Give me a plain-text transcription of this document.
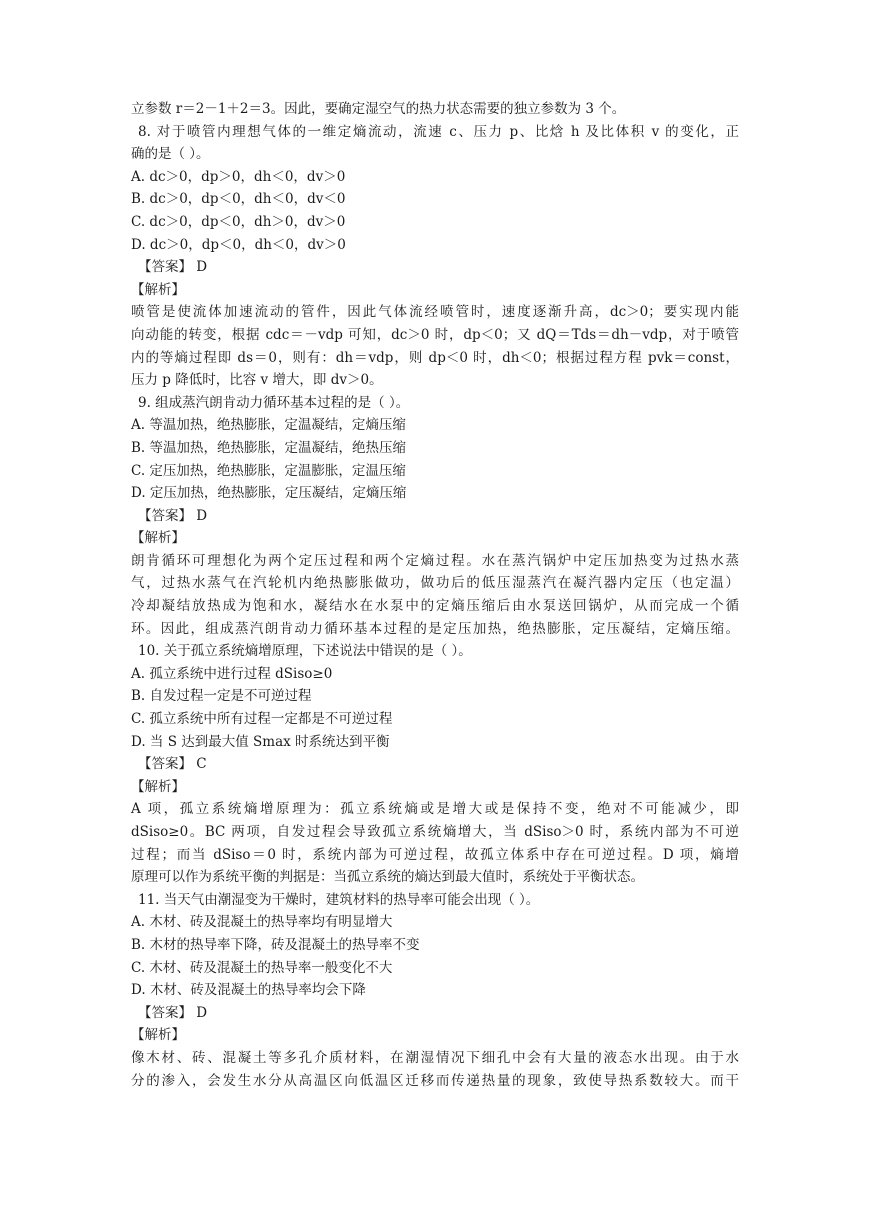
立参数 r＝2－1＋2＝3。因此，要确定湿空气的热力状态需要的独立参数为 3 个。
8. 对于喷管内理想气体的一维定熵流动，流速 c、压力 p、比焓 h 及比体积 v 的变化，正
确的是（ ）。
A. dc＞0，dp＞0，dh＜0，dv＞0
B. dc＞0，dp＜0，dh＜0，dv＜0
C. dc＞0，dp＜0，dh＞0，dv＞0
D. dc＞0，dp＜0，dh＜0，dv＞0
【答案】 D
【解析】
喷管是使流体加速流动的管件，因此气体流经喷管时，速度逐渐升高，dc＞0；要实现内能
向动能的转变，根据 cdc＝－vdp 可知，dc＞0 时，dp＜0；又 dQ＝Tds＝dh－vdp，对于喷管
内的等熵过程即 ds＝0，则有：dh＝vdp，则 dp＜0 时，dh＜0；根据过程方程 pvk＝const，
压力 p 降低时，比容 v 增大，即 dv＞0。
9. 组成蒸汽朗肯动力循环基本过程的是（ ）。
A. 等温加热，绝热膨胀，定温凝结，定熵压缩
B. 等温加热，绝热膨胀，定温凝结，绝热压缩
C. 定压加热，绝热膨胀，定温膨胀，定温压缩
D. 定压加热，绝热膨胀，定压凝结，定熵压缩
【答案】 D
【解析】
朗肯循环可理想化为两个定压过程和两个定熵过程。水在蒸汽锅炉中定压加热变为过热水蒸
气，过热水蒸气在汽轮机内绝热膨胀做功，做功后的低压湿蒸汽在凝汽器内定压（也定温）
冷却凝结放热成为饱和水，凝结水在水泵中的定熵压缩后由水泵送回锅炉，从而完成一个循
环。因此，组成蒸汽朗肯动力循环基本过程的是定压加热，绝热膨胀，定压凝结，定熵压缩。
10. 关于孤立系统熵增原理，下述说法中错误的是（ ）。
A. 孤立系统中进行过程 dSiso≥0
B. 自发过程一定是不可逆过程
C. 孤立系统中所有过程一定都是不可逆过程
D. 当 S 达到最大值 Smax 时系统达到平衡
【答案】 C
【解析】
A 项，孤立系统熵增原理为：孤立系统熵或是增大或是保持不变，绝对不可能减少，即
dSiso≥0。BC 两项，自发过程会导致孤立系统熵增大，当 dSiso＞0 时，系统内部为不可逆
过程；而当 dSiso＝0 时，系统内部为可逆过程，故孤立体系中存在可逆过程。D 项，熵增
原理可以作为系统平衡的判据是：当孤立系统的熵达到最大值时，系统处于平衡状态。
11. 当天气由潮湿变为干燥时，建筑材料的热导率可能会出现（ ）。
A. 木材、砖及混凝土的热导率均有明显增大
B. 木材的热导率下降，砖及混凝土的热导率不变
C. 木材、砖及混凝土的热导率一般变化不大
D. 木材、砖及混凝土的热导率均会下降
【答案】 D
【解析】
像木材、砖、混凝土等多孔介质材料，在潮湿情况下细孔中会有大量的液态水出现。由于水
分的渗入，会发生水分从高温区向低温区迁移而传递热量的现象，致使导热系数较大。而干
